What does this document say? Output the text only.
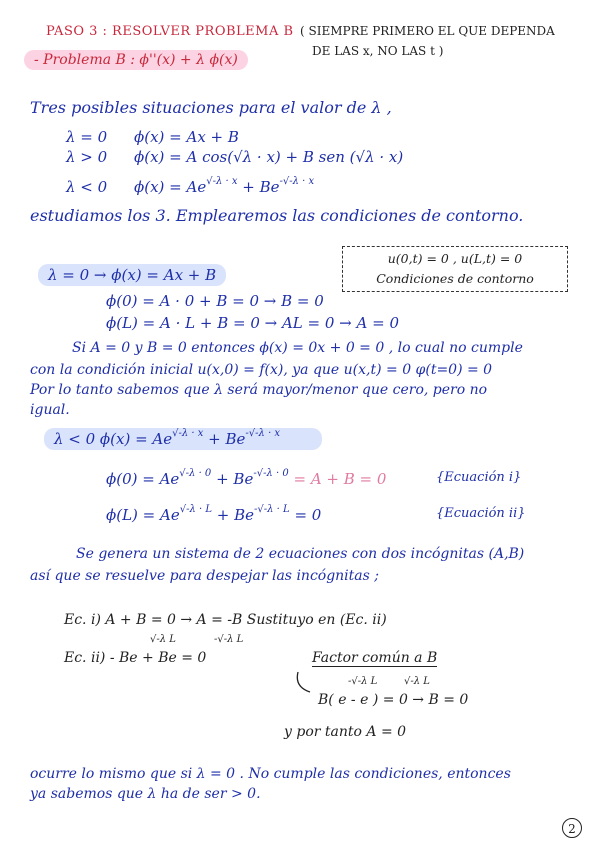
PASO 3 : RESOLVER PROBLEMA B ( SIEMPRE PRIMERO EL QUE DEPENDA
DE LAS x, NO LAS t )
- Problema B : ϕ''(x) + λ ϕ(x)
Tres posibles situaciones para el valor de λ ,
λ = 0 ϕ(x) = Ax + B
λ > 0 ϕ(x) = A cos(√λ · x) + B sen (√λ · x)
λ < 0 $\phi(x) = Ae^{√-\lambda \cdot x} + Be^{-√-\lambda \cdot x}$
estudiamos los 3. Emplearemos las condiciones de contorno.
u(0,t) = 0 , u(L,t) = 0
Condiciones de contorno
λ = 0 → ϕ(x) = Ax + B
ϕ(0) = A · 0 + B = 0 → B = 0
ϕ(L) = A · L + B = 0 → AL = 0 → A = 0
Si A = 0 y B = 0 entonces ϕ(x) = 0x + 0 = 0 , lo cual no cumple
con la condición inicial u(x,0) = f(x), ya que u(x,t) = 0 φ(t=0) = 0
Por lo tanto sabemos que λ será mayor/menor que cero, pero no
igual.
λ < 0 $\phi(x) = Ae^{√-\lambda \cdot x} + Be^{-√-\lambda \cdot x}$
$\phi(0) = Ae^{√-\lambda \cdot 0} + Be^{-√-\lambda \cdot 0} = A + B = 0$	{Ecuación i}
$\phi(L) = Ae^{√-\lambda \cdot L} + Be^{-√-\lambda \cdot L} = 0$	{Ecuación ii}
Se genera un sistema de 2 ecuaciones con dos incógnitas (A,B)
así que se resuelve para despejar las incógnitas ;
Ec. i) A + B = 0 → A = -B Sustituyo en (Ec. ii)
√-λ L	-√-λ L
Ec. ii) - Be + Be = 0	Factor común a B
-√-λ L	√-λ L
B( e - e ) = 0 → B = 0
y por tanto A = 0
ocurre lo mismo que si λ = 0 . No cumple las condiciones, entonces
ya sabemos que λ ha de ser > 0.
2
